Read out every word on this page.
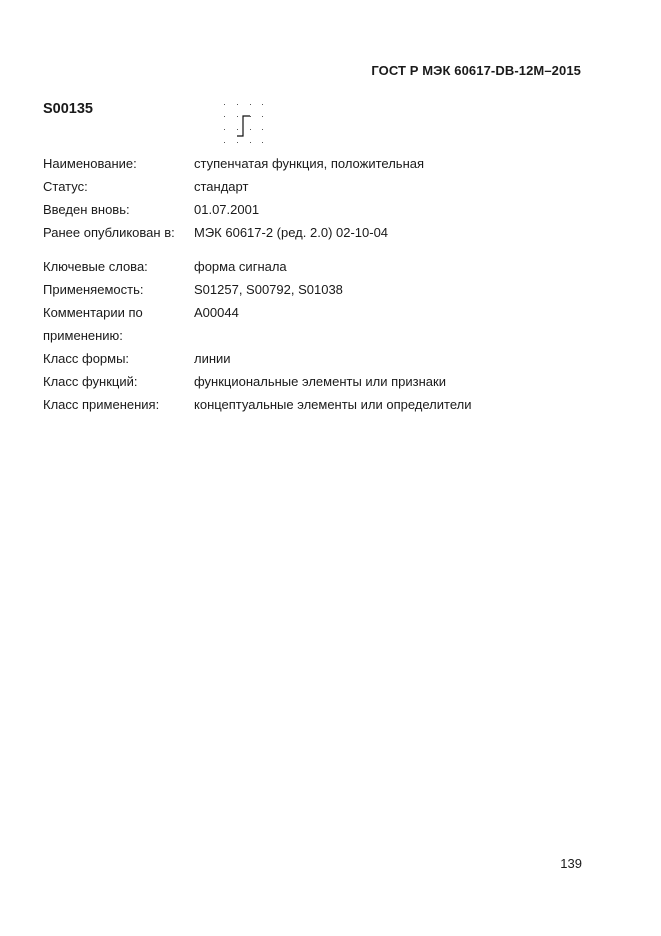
ГОСТ Р МЭК 60617-DB-12M–2015
S00135
Наименование:	ступенчатая функция, положительная
Статус:	стандарт
Введен вновь:	01.07.2001
Ранее опубликован в: МЭК 60617-2 (ред. 2.0) 02-10-04
Ключевые слова:	форма сигнала
Применяемость:	S01257, S00792, S01038
Комментарии по	A00044
применению:
Класс формы:	линии
Класс функций:	функциональные элементы или признаки
Класс применения:	концептуальные элементы или определители
139
